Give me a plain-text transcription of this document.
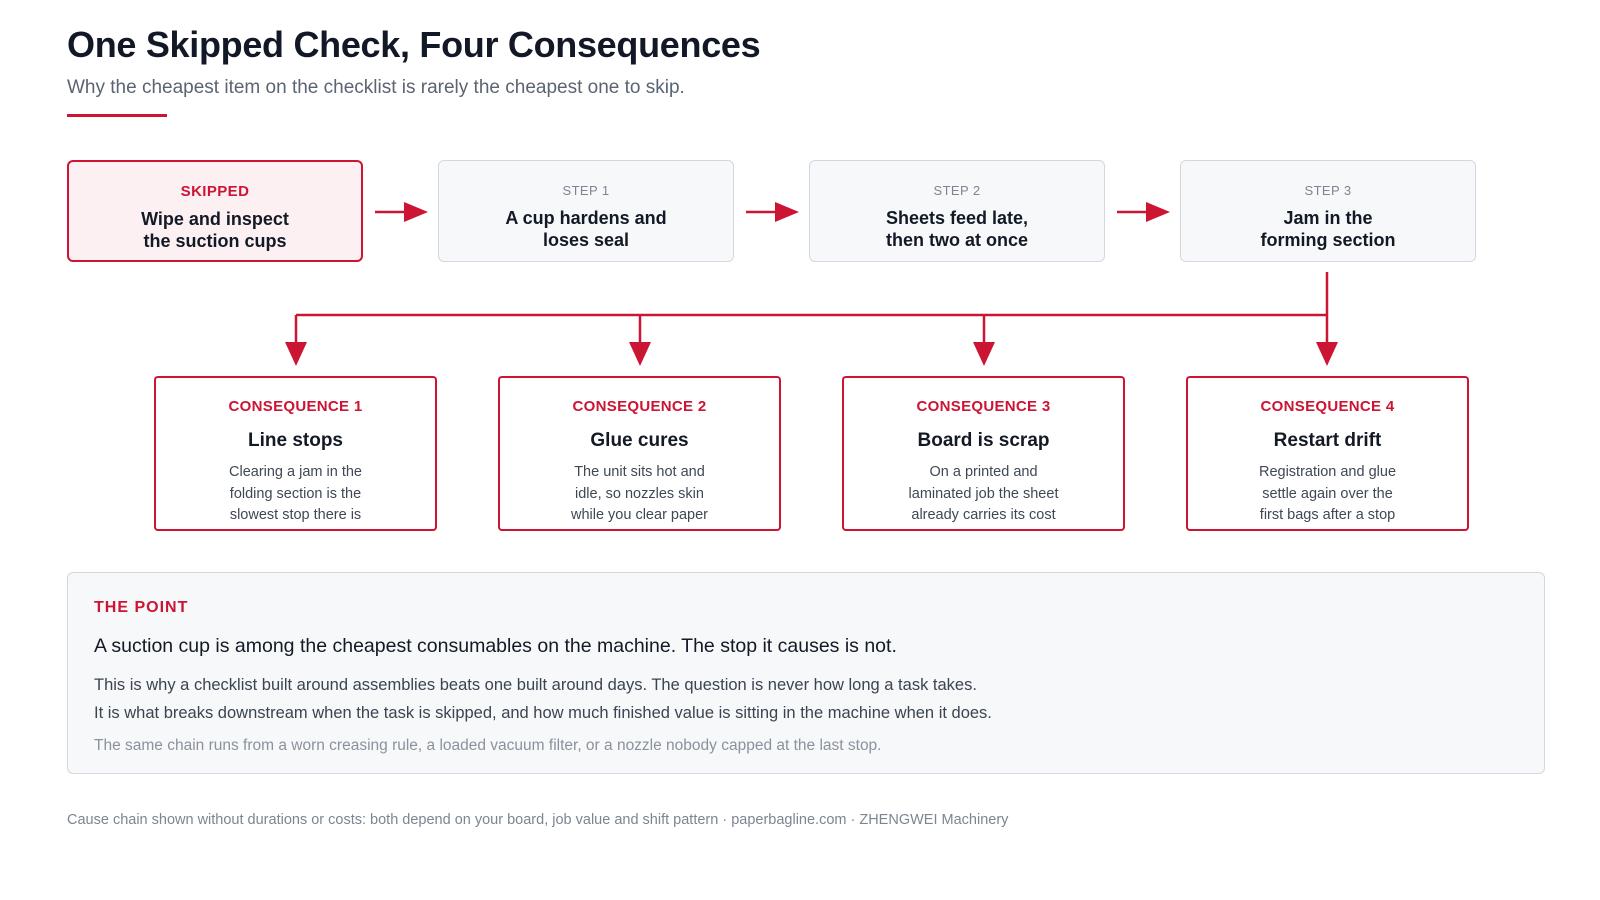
One Skipped Check, Four Consequences
Why the cheapest item on the checklist is rarely the cheapest one to skip.
SKIPPED
Wipe and inspect
the suction cups
STEP 1
A cup hardens and
loses seal
STEP 2
Sheets feed late,
then two at once
STEP 3
Jam in the
forming section
CONSEQUENCE 1
Line stops
Clearing a jam in the
folding section is the
slowest stop there is
CONSEQUENCE 2
Glue cures
The unit sits hot and
idle, so nozzles skin
while you clear paper
CONSEQUENCE 3
Board is scrap
On a printed and
laminated job the sheet
already carries its cost
CONSEQUENCE 4
Restart drift
Registration and glue
settle again over the
first bags after a stop
THE POINT
A suction cup is among the cheapest consumables on the machine. The stop it causes is not.
This is why a checklist built around assemblies beats one built around days. The question is never how long a task takes.
It is what breaks downstream when the task is skipped, and how much finished value is sitting in the machine when it does.
The same chain runs from a worn creasing rule, a loaded vacuum filter, or a nozzle nobody capped at the last stop.
Cause chain shown without durations or costs: both depend on your board, job value and shift pattern · paperbagline.com · ZHENGWEI Machinery
